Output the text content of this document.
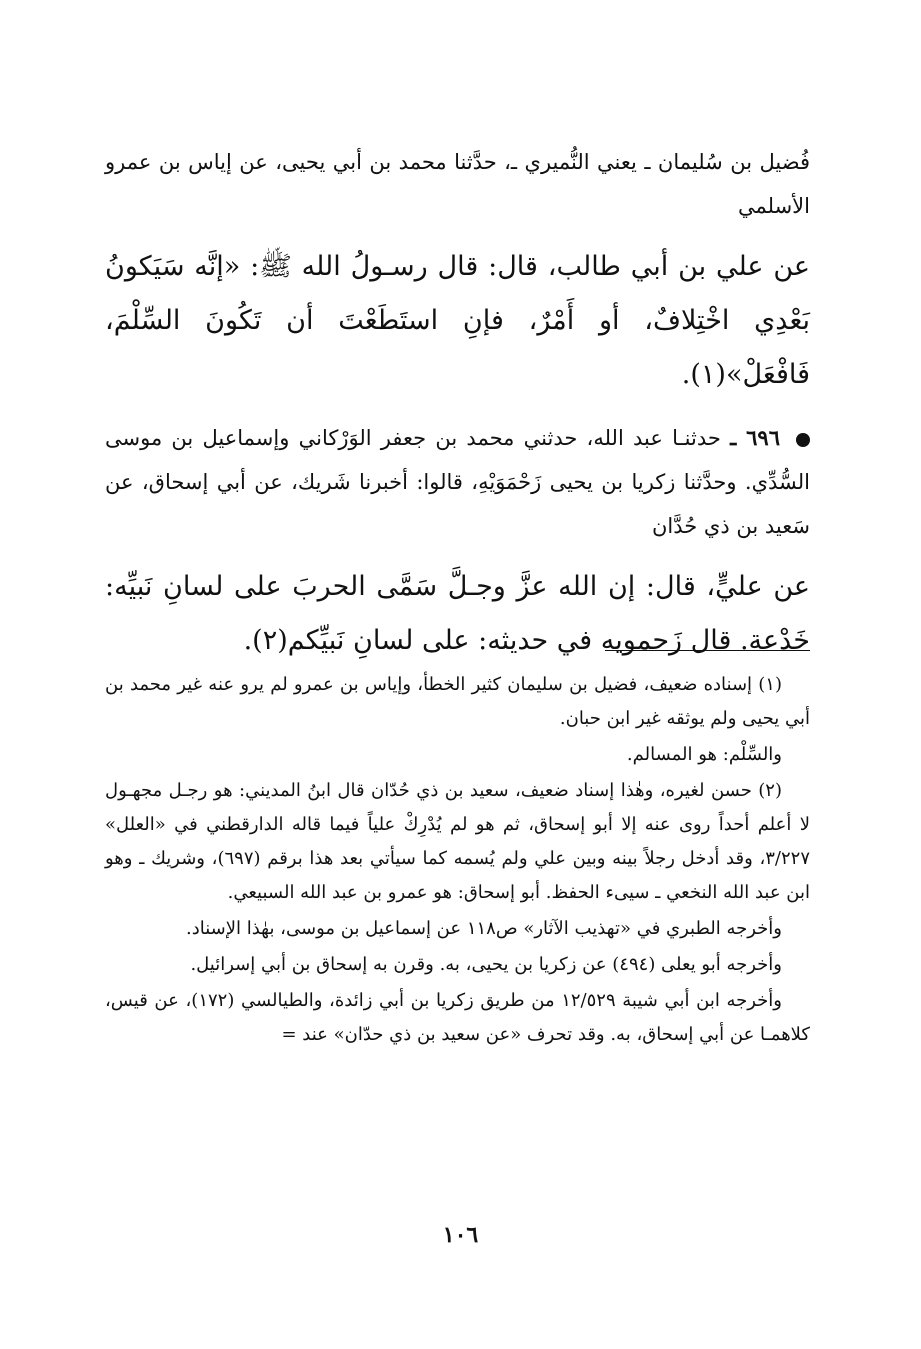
فُضيل بن سُليمان ـ يعني النُّميري ـ، حدَّثنا محمد بن أبي يحيى، عن إياس بن عمرو الأسلمي

عن علي بن أبي طالب، قال: قال رسـولُ الله ﷺ: «إنَّه سَيَكونُ بَعْدِي اخْتِلافٌ، أو أَمْرٌ، فإنِ استَطَعْتَ أن تَكُونَ السِّلْمَ، فَافْعَلْ»(١).

٦٩٦ ـ حدثنـا عبد الله، حدثني محمد بن جعفر الوَرْكاني وإسماعيل بن موسى السُّدِّي. وحدَّثنا زكريا بن يحيى زَحْمَوَيْهِ، قالوا: أخبرنا شَريك، عن أبي إسحاق، عن سَعيد بن ذي حُدَّان

عن عليٍّ، قال: إن الله عزَّ وجـلَّ سَمَّى الحربَ على لسانِ نَبيِّه: خَدْعة. قال زَحمويه في حديثه: على لسانِ نَبيِّكم(٢).

(١) إسناده ضعيف، فضيل بن سليمان كثير الخطأ، وإياس بن عمرو لم يرو عنه غير محمد بن أبي يحيى ولم يوثقه غير ابن حبان.

والسِّلْم: هو المسالم.

(٢) حسن لغيره، وهٰذا إسناد ضعيف، سعيد بن ذي حُدّان قال ابنُ المديني: هو رجـل مجهـول لا أعلم أحداً روى عنه إلا أبو إسحاق، ثم هو لم يُدْرِكْ علياً فيما قاله الدارقطني في «العلل» ٣/٢٢٧، وقد أدخل رجلاً بينه وبين علي ولم يُسمه كما سيأتي بعد هذا برقم (٦٩٧)، وشريك ـ وهو ابن عبد الله النخعي ـ سيىء الحفظ. أبو إسحاق: هو عمرو بن عبد الله السبيعي.

وأخرجه الطبري في «تهذيب الآثار» ص١١٨ عن إسماعيل بن موسى، بهٰذا الإسناد.

وأخرجه أبو يعلى (٤٩٤) عن زكريا بن يحيى، به. وقرن به إسحاق بن أبي إسرائيل.

وأخرجه ابن أبي شيبة ١٢/٥٢٩ من طريق زكريا بن أبي زائدة، والطيالسي (١٧٢)، عن قيس، كلاهمـا عن أبي إسحاق، به. وقد تحرف «عن سعيد بن ذي حدّان» عند =

١٠٦
